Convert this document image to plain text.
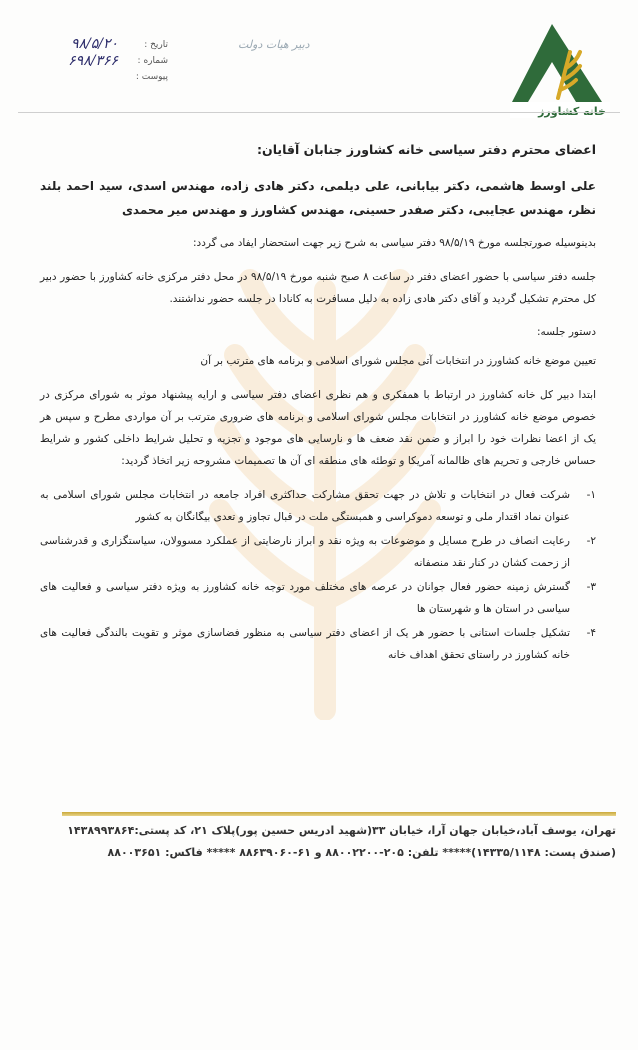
خانه کشاورز
تاریخ :
شماره :
پیوست :
۹۸/۵/۲۰
۶۹۸/۳۶۶
دبیر هیات دولت
اعضای محترم دفتر سیاسی خانه کشاورز جنابان آقایان:
علی اوسط هاشمی، دکتر بیابانی، علی دیلمی، دکتر هادی زاده، مهندس اسدی، سید احمد بلند نظر، مهندس عجایبی، دکتر صفدر حسینی، مهندس کشاورز و مهندس میر محمدی
بدینوسیله صورتجلسه مورخ ۹۸/۵/۱۹ دفتر سیاسی به شرح زیر جهت استحضار ایفاد می گردد:
جلسه دفتر سیاسی با حضور اعضای دفتر در ساعت ۸ صبح شنبه مورخ ۹۸/۵/۱۹ در محل دفتر مرکزی خانه کشاورز با حضور دبیر کل محترم تشکیل گردید و آقای دکتر هادی زاده به دلیل مسافرت به کانادا در جلسه حضور نداشتند.
دستور جلسه:
تعیین موضع خانه کشاورز در انتخابات آتی مجلس شورای اسلامی و برنامه های مترتب بر آن
ابتدا دبیر کل خانه کشاورز در ارتباط با همفکری و هم نظری اعضای دفتر سیاسی و ارایه پیشنهاد موثر به شورای مرکزی در خصوص موضع خانه کشاورز در انتخابات مجلس شورای اسلامی و برنامه های ضروری مترتب بر آن مواردی مطرح و سپس هر یک از اعضا نظرات خود را ابراز و ضمن نقد ضعف ها و نارسایی های موجود و تجزیه و تحلیل شرایط داخلی کشور و شرایط حساس خارجی و تحریم های ظالمانه آمریکا و توطئه های منطقه ای آن ها تصمیمات مشروحه زیر اتخاذ گردید:
۱-
شرکت فعال در انتخابات و تلاش در جهت تحقق مشارکت حداکثری افراد جامعه در انتخابات مجلس شورای اسلامی به عنوان نماد اقتدار ملی و توسعه دموکراسی و همبستگی ملت در قبال تجاوز و تعدی بیگانگان به کشور
۲-
رعایت انصاف در طرح مسایل و موضوعات به ویژه نقد و ابراز نارضایتی از عملکرد مسوولان، سیاستگزاری و قدرشناسی از زحمت کشان در کنار نقد منصفانه
۳-
گسترش زمینه حضور فعال جوانان در عرصه های مختلف مورد توجه خانه کشاورز به ویژه دفتر سیاسی و فعالیت های سیاسی در استان ها و شهرستان ها
۴-
تشکیل جلسات استانی با حضور هر یک از اعضای دفتر سیاسی به منظور فضاسازی موثر و تقویت بالندگی فعالیت های خانه کشاورز در راستای تحقق اهداف خانه
تهران، یوسف آباد،خیابان جهان آرا، خیابان ۳۳(شهید ادریس حسین پور)پلاک ۲۱، کد پستی:۱۴۳۸۹۹۳۸۶۴
(صندق پست: ۱۴۳۳۵/۱۱۴۸)***** تلفن: ۲۰۵-۸۸۰۰۲۲۰۰ و ۶۱-۸۸۶۳۹۰۶۰ ***** فاکس: ۸۸۰۰۳۶۵۱
